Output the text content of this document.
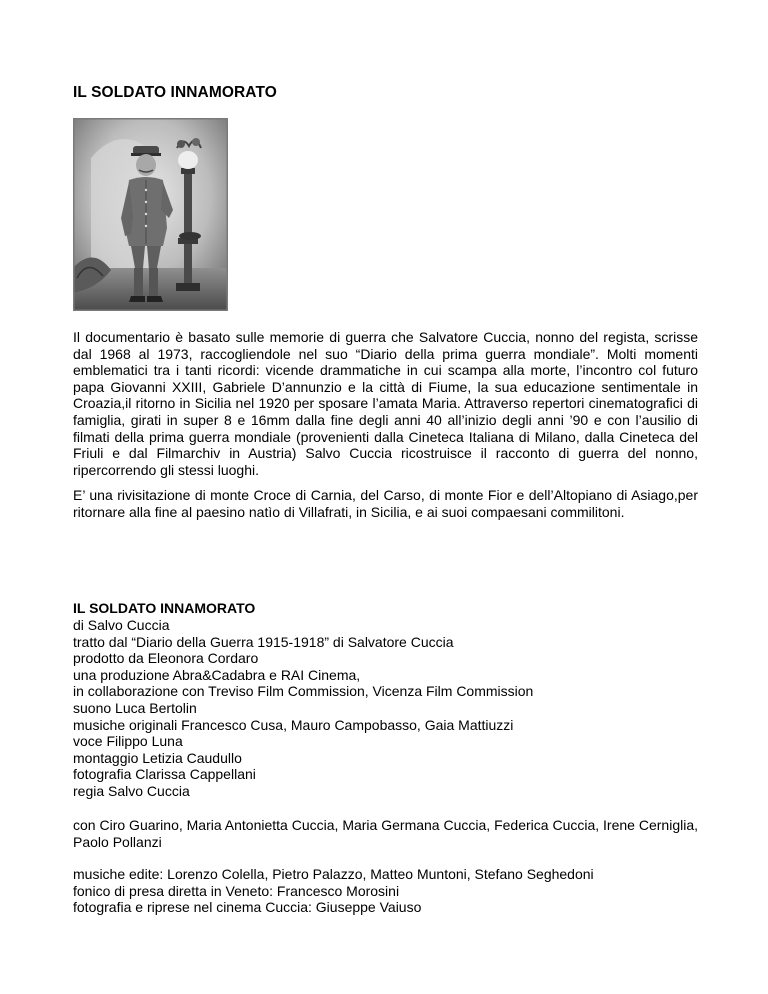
IL SOLDATO INNAMORATO

Il documentario è basato sulle memorie di guerra che Salvatore Cuccia, nonno del regista, scrisse dal 1968 al 1973, raccogliendole nel suo “Diario della prima guerra mondiale”. Molti momenti emblematici tra i tanti ricordi: vicende drammatiche in cui scampa alla morte, l’incontro col futuro papa Giovanni XXIII, Gabriele D’annunzio e la città di Fiume, la sua educazione sentimentale in Croazia,il ritorno in Sicilia nel 1920 per sposare l’amata Maria. Attraverso repertori cinematografici di famiglia, girati in super 8 e 16mm dalla fine degli anni 40 all’inizio degli anni ’90 e con l’ausilio di filmati della prima guerra mondiale (provenienti dalla Cineteca Italiana di Milano, dalla Cineteca del Friuli e dal Filmarchiv in Austria) Salvo Cuccia ricostruisce il racconto di guerra del nonno, ripercorrendo gli stessi luoghi.

E’ una rivisitazione di monte Croce di Carnia, del Carso, di monte Fior e dell’Altopiano di Asiago,per ritornare alla fine al paesino natìo di Villafrati, in Sicilia, e ai suoi compaesani commilitoni.

IL SOLDATO INNAMORATO
di Salvo Cuccia
tratto dal “Diario della Guerra 1915-1918” di Salvatore Cuccia
prodotto da Eleonora Cordaro
una produzione Abra&Cadabra e RAI Cinema,
in collaborazione con Treviso Film Commission, Vicenza Film Commission
suono Luca Bertolin
musiche originali Francesco Cusa, Mauro Campobasso, Gaia Mattiuzzi
voce Filippo Luna
montaggio Letizia Caudullo
fotografia Clarissa Cappellani
regia Salvo Cuccia

con Ciro Guarino, Maria Antonietta Cuccia, Maria Germana Cuccia, Federica Cuccia, Irene Cerniglia, Paolo Pollanzi

musiche edite: Lorenzo Colella, Pietro Palazzo, Matteo Muntoni, Stefano Seghedoni
fonico di presa diretta in Veneto: Francesco Morosini
fotografia e riprese nel cinema Cuccia: Giuseppe Vaiuso
